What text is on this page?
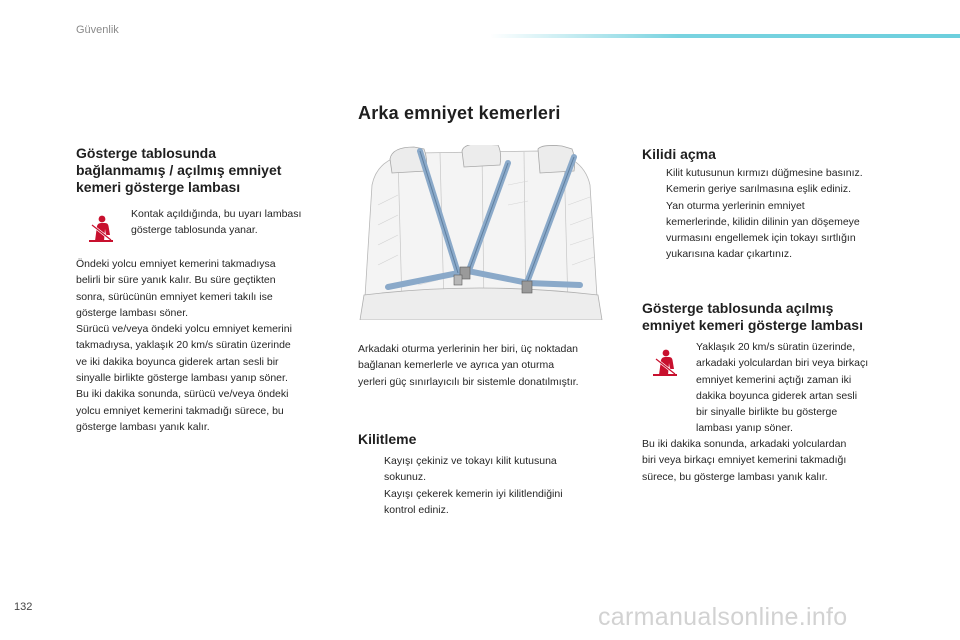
Güvenlik
Arka emniyet kemerleri
Gösterge tablosunda
bağlanmamış / açılmış emniyet
kemeri gösterge lambası

Kontak açıldığında, bu uyarı lambası

gösterge tablosunda yanar.

Öndeki yolcu emniyet kemerini takmadıysa

belirli bir süre yanık kalır. Bu süre geçtikten

sonra, sürücünün emniyet kemeri takılı ise

gösterge lambası söner.

Sürücü ve/veya öndeki yolcu emniyet kemerini

takmadıysa, yaklaşık 20 km/s süratin üzerinde

ve iki dakika boyunca giderek artan sesli bir

sinyalle birlikte gösterge lambası yanıp söner.

Bu iki dakika sonunda, sürücü ve/veya öndeki

yolcu emniyet kemerini takmadığı sürece, bu

gösterge lambası yanık kalır.

Arkadaki oturma yerlerinin her biri, üç noktadan

bağlanan kemerlerle ve ayrıca yan oturma

yerleri güç sınırlayıcılı bir sistemle donatılmıştır.

Kilitleme
Kayışı çekiniz ve tokayı kilit kutusuna
sokunuz.
Kayışı çekerek kemerin iyi kilitlendiğini
kontrol ediniz.
Kilidi açma
Kilit kutusunun kırmızı düğmesine basınız.
Kemerin geriye sarılmasına eşlik ediniz.
Yan oturma yerlerinin emniyet
kemerlerinde, kilidin dilinin yan döşemeye
vurmasını engellemek için tokayı sırtlığın
yukarısına kadar çıkartınız.
Gösterge tablosunda açılmış
emniyet kemeri gösterge lambası

Yaklaşık 20 km/s süratin üzerinde,

arkadaki yolculardan biri veya birkaçı

emniyet kemerini açtığı zaman iki

dakika boyunca giderek artan sesli

bir sinyalle birlikte bu gösterge

lambası yanıp söner.

Bu iki dakika sonunda, arkadaki yolculardan

biri veya birkaçı emniyet kemerini takmadığı

sürece, bu gösterge lambası yanık kalır.

132	carmanualsonline.info
